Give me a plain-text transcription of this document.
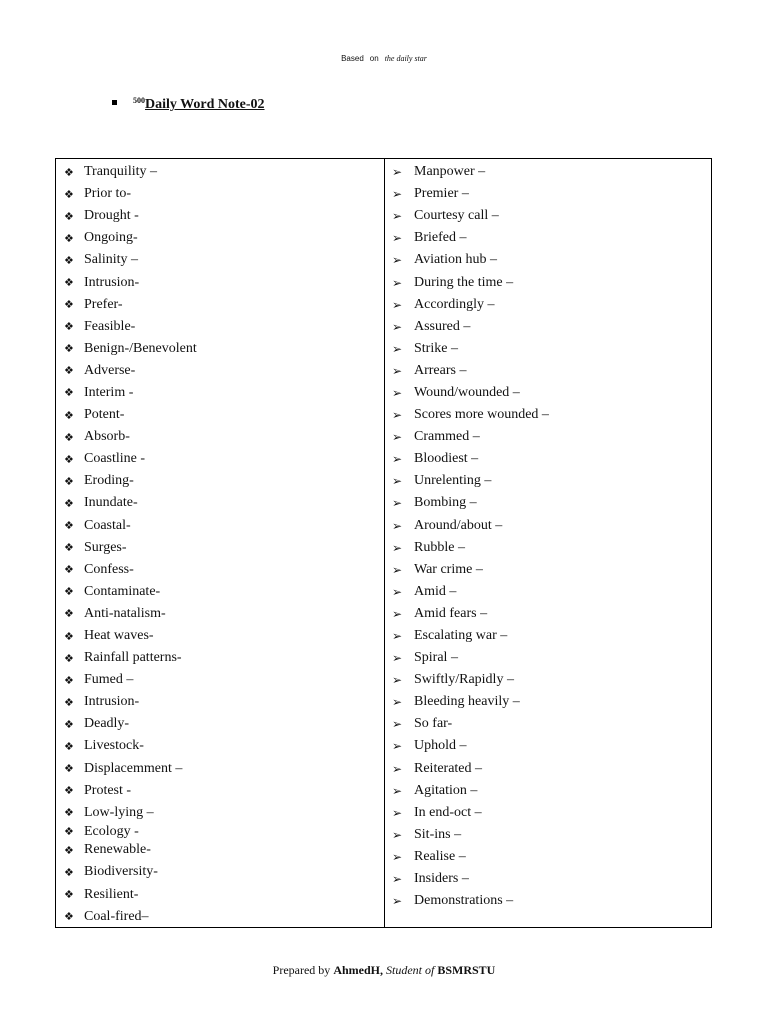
Based on the daily star
$^{500}$Daily Word Note-02
❖ Tranquility –
❖ Prior to-
❖ Drought -
❖ Ongoing-
❖ Salinity –
❖ Intrusion-
❖ Prefer-
❖ Feasible-
❖ Benign-/Benevolent
❖ Adverse-
❖ Interim -
❖ Potent-
❖ Absorb-
❖ Coastline -
❖ Eroding-
❖ Inundate-
❖ Coastal-
❖ Surges-
❖ Confess-
❖ Contaminate-
❖ Anti-natalism-
❖ Heat waves-
❖ Rainfall patterns-
❖ Fumed –
❖ Intrusion-
❖ Deadly-
❖ Livestock-
❖ Displacemment –
❖ Protest -
❖ Low-lying –
❖ Ecology -
❖ Renewable-
❖ Biodiversity-
❖ Resilient-
❖ Coal-fired–
➢ Manpower –
➢ Premier –
➢ Courtesy call –
➢ Briefed –
➢ Aviation hub –
➢ During the time –
➢ Accordingly –
➢ Assured –
➢ Strike –
➢ Arrears –
➢ Wound/wounded –
➢ Scores more wounded –
➢ Crammed –
➢ Bloodiest –
➢ Unrelenting –
➢ Bombing –
➢ Around/about –
➢ Rubble –
➢ War crime –
➢ Amid –
➢ Amid fears –
➢ Escalating war –
➢ Spiral –
➢ Swiftly/Rapidly –
➢ Bleeding heavily –
➢ So far-
➢ Uphold –
➢ Reiterated –
➢ Agitation –
➢ In end-oct –
➢ Sit-ins –
➢ Realise –
➢ Insiders –
➢ Demonstrations –
Prepared by AhmedH, Student of BSMRSTU
